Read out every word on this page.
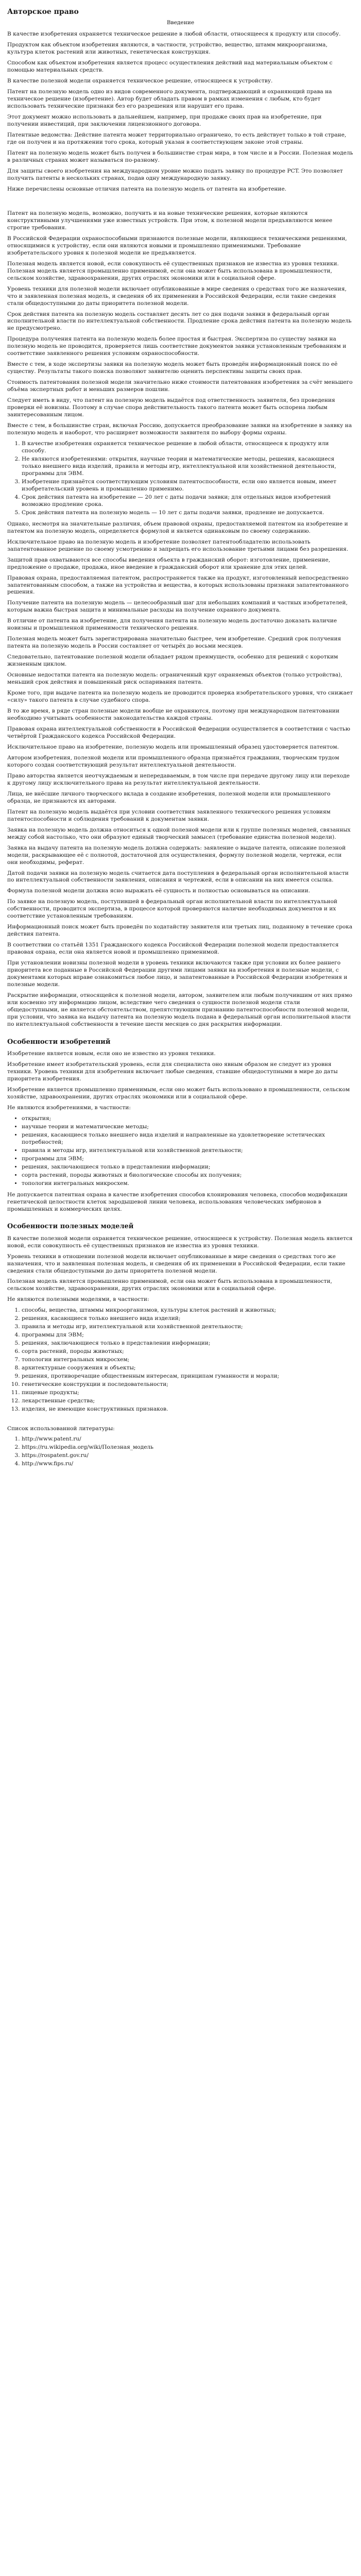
Авторское право
Введение

В качестве изобретения охраняется техническое решение в любой области, относящееся к продукту или способу.

Продуктом как объектом изобретения являются, в частности, устройство, вещество, штамм микроорганизма, культура клеток растений или животных, генетическая конструкция.

Способом как объектом изобретения является процесс осуществления действий над материальным объектом с помощью материальных средств.

В качестве полезной модели охраняется техническое решение, относящееся к устройству.

Патент на полезную модель одно из видов современного документа, подтверждающий и охраняющий права на техническое решение (изобретение). Автор будет обладать правом в рамках изменения с любым, кто будет использовать технические признаки без его разрешения или нарушит его права.

Этот документ можно использовать в дальнейшем, например, при продаже своих прав на изобретение, при получении инвестиций, при заключении лицензионного договора.

Патентные ведомства: Действие патента может территориально ограничено, то есть действует только в той стране, где он получен и на протяжении того срока, который указан в соответствующем законе этой страны.

Патент на полезную модель может быть получен в большинстве стран мира, в том числе и в России. Полезная модель в различных странах может называться по-разному.

Для защиты своего изобретения на международном уровне можно подать заявку по процедуре PCT. Это позволяет получить патенты в нескольких странах, подав одну международную заявку.

Ниже перечислены основные отличия патента на полезную модель от патента на изобретение.

Патент на полезную модель, возможно, получить и на новые технические решения, которые являются конструктивными улучшениями уже известных устройств. При этом, к полезной модели предъявляются менее строгие требования.

В Российской Федерации охраноспособными признаются полезные модели, являющиеся техническими решениями, относящимися к устройству, если они являются новыми и промышленно применимыми. Требование изобретательского уровня к полезной модели не предъявляется.

Полезная модель является новой, если совокупность её существенных признаков не известна из уровня техники. Полезная модель является промышленно применимой, если она может быть использована в промышленности, сельском хозяйстве, здравоохранении, других отраслях экономики или в социальной сфере.

Уровень техники для полезной модели включает опубликованные в мире сведения о средствах того же назначения, что и заявленная полезная модель, и сведения об их применении в Российской Федерации, если такие сведения стали общедоступными до даты приоритета полезной модели.

Срок действия патента на полезную модель составляет десять лет со дня подачи заявки в федеральный орган исполнительной власти по интеллектуальной собственности. Продление срока действия патента на полезную модель не предусмотрено.

Процедура получения патента на полезную модель более простая и быстрая. Экспертиза по существу заявки на полезную модель не проводится, проверяется лишь соответствие документов заявки установленным требованиям и соответствие заявленного решения условиям охраноспособности.

Вместе с тем, в ходе экспертизы заявки на полезную модель может быть проведён информационный поиск по её существу. Результаты такого поиска позволяют заявителю оценить перспективы защиты своих прав.

Стоимость патентования полезной модели значительно ниже стоимости патентования изобретения за счёт меньшего объёма экспертных работ и меньших размеров пошлин.

Следует иметь в виду, что патент на полезную модель выдаётся под ответственность заявителя, без проведения проверки её новизны. Поэтому в случае спора действительность такого патента может быть оспорена любым заинтересованным лицом.

Вместе с тем, в большинстве стран, включая Россию, допускается преобразование заявки на изобретение в заявку на полезную модель и наоборот, что расширяет возможности заявителя по выбору формы охраны.

1. В качестве изобретения охраняется техническое решение в любой области, относящееся к продукту или способу.
2. Не являются изобретениями: открытия, научные теории и математические методы, решения, касающиеся только внешнего вида изделий, правила и методы игр, интеллектуальной или хозяйственной деятельности, программы для ЭВМ.
3. Изобретение признаётся соответствующим условиям патентоспособности, если оно является новым, имеет изобретательский уровень и промышленно применимо.
4. Срок действия патента на изобретение — 20 лет с даты подачи заявки; для отдельных видов изобретений возможно продление срока.
5. Срок действия патента на полезную модель — 10 лет с даты подачи заявки, продление не допускается.

Однако, несмотря на значительные различия, объем правовой охраны, предоставляемой патентом на изобретение и патентом на полезную модель, определяется формулой и является одинаковым по своему содержанию.

Исключительное право на полезную модель и изобретение позволяет патентообладателю использовать запатентованное решение по своему усмотрению и запрещать его использование третьими лицами без разрешения.

Защитой прав охватываются все способы введения объекта в гражданский оборот: изготовление, применение, предложение о продаже, продажа, иное введение в гражданский оборот или хранение для этих целей.

Правовая охрана, предоставляемая патентом, распространяется также на продукт, изготовленный непосредственно запатентованным способом, а также на устройства и вещества, в которых использованы признаки запатентованного решения.

Получение патента на полезную модель — целесообразный шаг для небольших компаний и частных изобретателей, которым важна быстрая защита и минимальные расходы на получение охранного документа.

В отличие от патента на изобретение, для получения патента на полезную модель достаточно доказать наличие новизны и промышленной применимости технического решения.

Полезная модель может быть зарегистрирована значительно быстрее, чем изобретение. Средний срок получения патента на полезную модель в России составляет от четырёх до восьми месяцев.

Следовательно, патентование полезной модели обладает рядом преимуществ, особенно для решений с коротким жизненным циклом.

Основные недостатки патента на полезную модель: ограниченный круг охраняемых объектов (только устройства), меньший срок действия и повышенный риск оспаривания патента.

Кроме того, при выдаче патента на полезную модель не проводится проверка изобретательского уровня, что снижает «силу» такого патента в случае судебного спора.

В то же время, в ряде стран полезные модели вообще не охраняются, поэтому при международном патентовании необходимо учитывать особенности законодательства каждой страны.

Правовая охрана интеллектуальной собственности в Российской Федерации осуществляется в соответствии с частью четвёртой Гражданского кодекса Российской Федерации.

Исключительное право на изобретение, полезную модель или промышленный образец удостоверяется патентом.

Автором изобретения, полезной модели или промышленного образца признаётся гражданин, творческим трудом которого создан соответствующий результат интеллектуальной деятельности.

Право авторства является неотчуждаемым и непередаваемым, в том числе при передаче другому лицу или переходе к другому лицу исключительного права на результат интеллектуальной деятельности.

Лица, не внёсшие личного творческого вклада в создание изобретения, полезной модели или промышленного образца, не признаются их авторами.

Патент на полезную модель выдаётся при условии соответствия заявленного технического решения условиям патентоспособности и соблюдения требований к документам заявки.

Заявка на полезную модель должна относиться к одной полезной модели или к группе полезных моделей, связанных между собой настолько, что они образуют единый творческий замысел (требование единства полезной модели).

Заявка на выдачу патента на полезную модель должна содержать: заявление о выдаче патента, описание полезной модели, раскрывающее её с полнотой, достаточной для осуществления, формулу полезной модели, чертежи, если они необходимы, реферат.

Датой подачи заявки на полезную модель считается дата поступления в федеральный орган исполнительной власти по интеллектуальной собственности заявления, описания и чертежей, если в описании на них имеется ссылка.

Формула полезной модели должна ясно выражать её сущность и полностью основываться на описании.

По заявке на полезную модель, поступившей в федеральный орган исполнительной власти по интеллектуальной собственности, проводится экспертиза, в процессе которой проверяются наличие необходимых документов и их соответствие установленным требованиям.

Информационный поиск может быть проведён по ходатайству заявителя или третьих лиц, поданному в течение срока действия патента.

В соответствии со статьёй 1351 Гражданского кодекса Российской Федерации полезной модели предоставляется правовая охрана, если она является новой и промышленно применимой.

При установлении новизны полезной модели в уровень техники включаются также при условии их более раннего приоритета все поданные в Российской Федерации другими лицами заявки на изобретения и полезные модели, с документами которых вправе ознакомиться любое лицо, и запатентованные в Российской Федерации изобретения и полезные модели.

Раскрытие информации, относящейся к полезной модели, автором, заявителем или любым получившим от них прямо или косвенно эту информацию лицом, вследствие чего сведения о сущности полезной модели стали общедоступными, не является обстоятельством, препятствующим признанию патентоспособности полезной модели, при условии, что заявка на выдачу патента на полезную модель подана в федеральный орган исполнительной власти по интеллектуальной собственности в течение шести месяцев со дня раскрытия информации.

Особенности изобретений

Изобретение является новым, если оно не известно из уровня техники.

Изобретение имеет изобретательский уровень, если для специалиста оно явным образом не следует из уровня техники. Уровень техники для изобретения включает любые сведения, ставшие общедоступными в мире до даты приоритета изобретения.

Изобретение является промышленно применимым, если оно может быть использовано в промышленности, сельском хозяйстве, здравоохранении, других отраслях экономики или в социальной сфере.

Не являются изобретениями, в частности:

• открытия;
• научные теории и математические методы;
• решения, касающиеся только внешнего вида изделий и направленные на удовлетворение эстетических потребностей;
• правила и методы игр, интеллектуальной или хозяйственной деятельности;
• программы для ЭВМ;
• решения, заключающиеся только в представлении информации;
• сорта растений, породы животных и биологические способы их получения;
• топологии интегральных микросхем.

Не допускается патентная охрана в качестве изобретения способов клонирования человека, способов модификации генетической целостности клеток зародышевой линии человека, использования человеческих эмбрионов в промышленных и коммерческих целях.

Особенности полезных моделей

В качестве полезной модели охраняется техническое решение, относящееся к устройству. Полезная модель является новой, если совокупность её существенных признаков не известна из уровня техники.

Уровень техники в отношении полезной модели включает опубликованные в мире сведения о средствах того же назначения, что и заявленная полезная модель, и сведения об их применении в Российской Федерации, если такие сведения стали общедоступными до даты приоритета полезной модели.

Полезная модель является промышленно применимой, если она может быть использована в промышленности, сельском хозяйстве, здравоохранении, других отраслях экономики или в социальной сфере.

Не являются полезными моделями, в частности:

1. способы, вещества, штаммы микроорганизмов, культуры клеток растений и животных;
2. решения, касающиеся только внешнего вида изделий;
3. правила и методы игр, интеллектуальной или хозяйственной деятельности;
4. программы для ЭВМ;
5. решения, заключающиеся только в представлении информации;
6. сорта растений, породы животных;
7. топологии интегральных микросхем;
8. архитектурные сооружения и объекты;
9. решения, противоречащие общественным интересам, принципам гуманности и морали;
10. генетические конструкции и последовательности;
11. пищевые продукты;
12. лекарственные средства;
13. изделия, не имеющие конструктивных признаков.

Список использованной литературы:

1. http://www.patent.ru/
2. https://ru.wikipedia.org/wiki/Полезная_модель
3. https://rospatent.gov.ru/
4. http://www.fips.ru/
